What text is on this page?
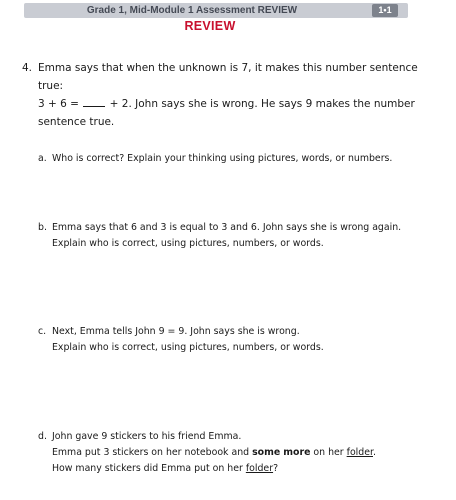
Grade 1, Mid-Module 1 Assessment REVIEW	1•1
REVIEW
4. Emma says that when the unknown is 7, it makes this number sentence
true:
3 + 6 =	+ 2. John says she is wrong. He says 9 makes the number
sentence true.
a. Who is correct? Explain your thinking using pictures, words, or numbers.
b. Emma says that 6 and 3 is equal to 3 and 6. John says she is wrong again.
Explain who is correct, using pictures, numbers, or words.
c. Next, Emma tells John 9 = 9. John says she is wrong.
Explain who is correct, using pictures, numbers, or words.
d. John gave 9 stickers to his friend Emma.
Emma put 3 stickers on her notebook and some more on her folder.
How many stickers did Emma put on her folder?
